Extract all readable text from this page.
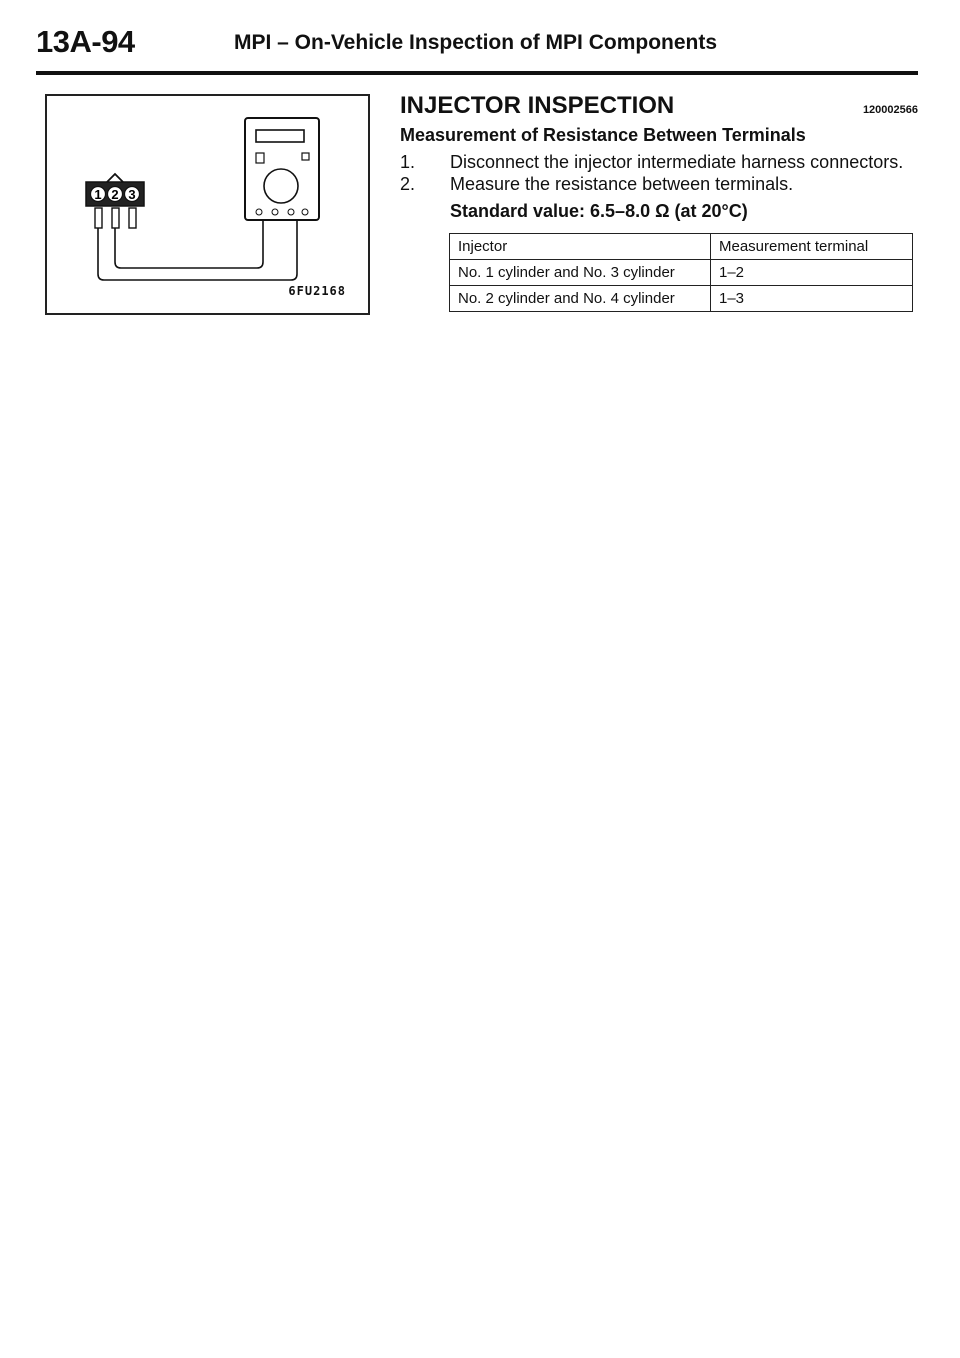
13A-94	MPI – On-Vehicle Inspection of MPI Components
1 2 3
6FU2168
INJECTOR INSPECTION	120002566
Measurement of Resistance Between Terminals
1. Disconnect the injector intermediate harness connectors.
2. Measure the resistance between terminals.
Standard value: 6.5–8.0 Ω (at 20°C)
Injector	Measurement terminal
No. 1 cylinder and No. 3 cylinder	1–2
No. 2 cylinder and No. 4 cylinder	1–3
